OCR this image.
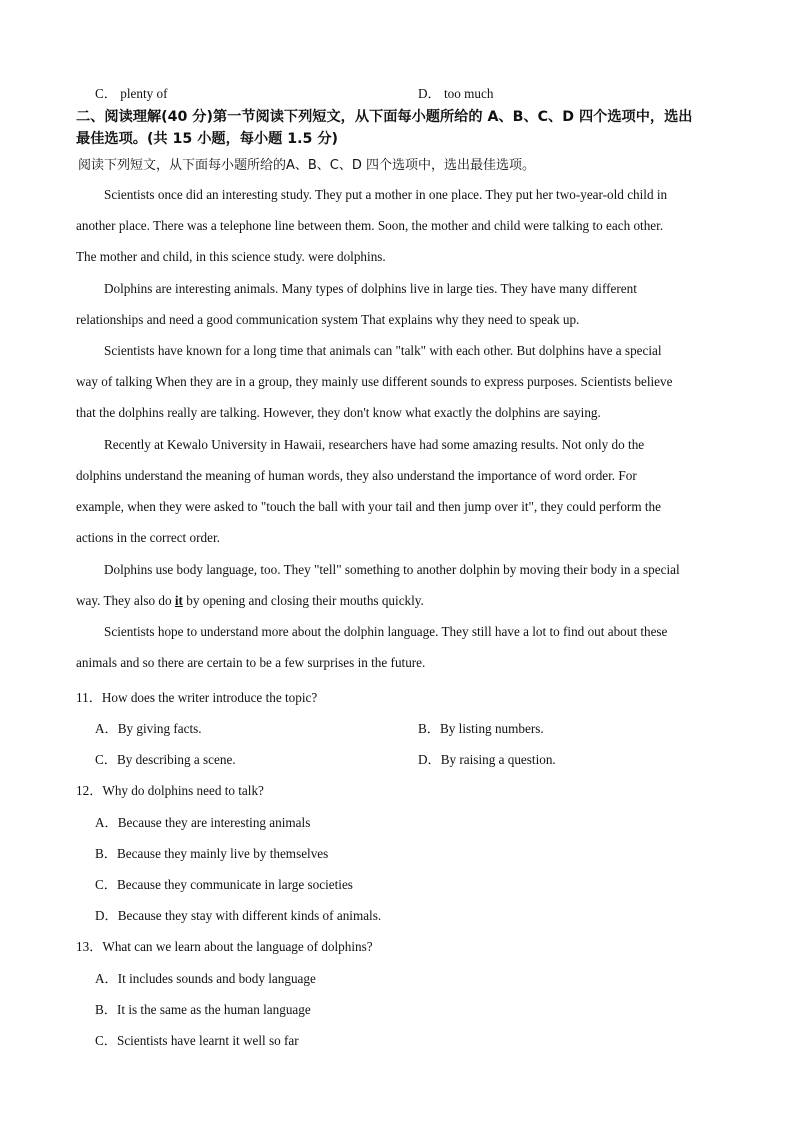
C． plenty of	D． too much
二、阅读理解(40 分)第一节阅读下列短文，从下面每小题所给的 A、B、C、D 四个选项中，选出
最佳选项。(共 15 小题，每小题 1.5 分)
阅读下列短文，从下面每小题所给的A、B、C、D 四个选项中，选出最佳选项。
Scientists once did an interesting study. They put a mother in one place. They put her two-year-old child in
another place. There was a telephone line between them. Soon, the mother and child were talking to each other.
The mother and child, in this science study. were dolphins.
Dolphins are interesting animals. Many types of dolphins live in large ties. They have many different
relationships and need a good communication system That explains why they need to speak up.
Scientists have known for a long time that animals can "talk" with each other. But dolphins have a special
way of talking When they are in a group, they mainly use different sounds to express purposes. Scientists believe
that the dolphins really are talking. However, they don't know what exactly the dolphins are saying.
Recently at Kewalo University in Hawaii, researchers have had some amazing results. Not only do the
dolphins understand the meaning of human words, they also understand the importance of word order. For
example, when they were asked to "touch the ball with your tail and then jump over it", they could perform the
actions in the correct order.
Dolphins use body language, too. They "tell" something to another dolphin by moving their body in a special
way. They also do it by opening and closing their mouths quickly.
Scientists hope to understand more about the dolphin language. They still have a lot to find out about these
animals and so there are certain to be a few surprises in the future.
11．How does the writer introduce the topic?
A．By giving facts.	B．By listing numbers.
C．By describing a scene.	D．By raising a question.
12．Why do dolphins need to talk?
A．Because they are interesting animals
B．Because they mainly live by themselves
C．Because they communicate in large societies
D．Because they stay with different kinds of animals.
13．What can we learn about the language of dolphins?
A．It includes sounds and body language
B．It is the same as the human language
C．Scientists have learnt it well so far
